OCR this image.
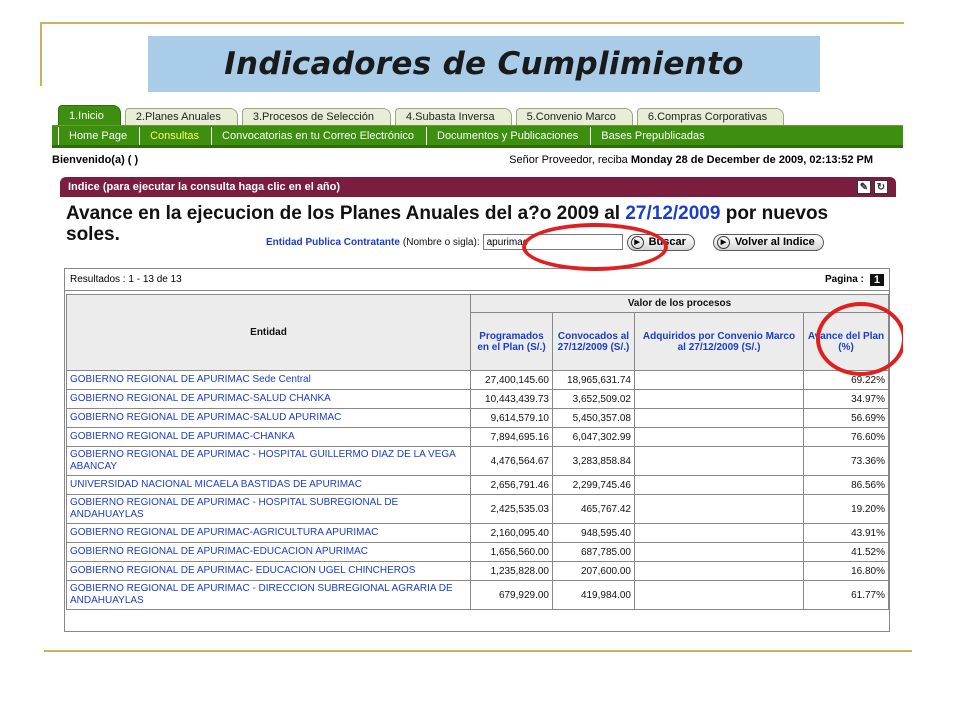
Indicadores de Cumplimiento
1.Inicio	2.Planes Anuales	3.Procesos de Selección	4.Subasta Inversa	5.Convenio Marco	6.Compras Corporativas
Home Page	Consultas	Convocatorias en tu Correo Electrónico	Documentos y Publicaciones	Bases Prepublicadas
Bienvenido(a) ( )	Señor Proveedor, reciba Monday 28 de December de 2009, 02:13:52 PM
Indice (para ejecutar la consulta haga clic en el año)	✎ ↻
Avance en la ejecucion de los Planes Anuales del a?o 2009 al 27/12/2009 por nuevos soles.	Entidad Publica Contratante (Nombre o sigla):
apurimac	▶ Buscar	▶ Volver al Indice
Resultados : 1 - 13 de 13	Pagina : 1
Entidad	Valor de los procesos			
	Programados en el Plan (S/.)	Convocados al 27/12/2009 (S/.)	Adquiridos por Convenio Marco al 27/12/2009 (S/.)	Avance del Plan (%)
GOBIERNO REGIONAL DE APURIMAC Sede Central	27,400,145.60	18,965,631.74		69.22%
GOBIERNO REGIONAL DE APURIMAC-SALUD CHANKA	10,443,439.73	3,652,509.02		34.97%
GOBIERNO REGIONAL DE APURIMAC-SALUD APURIMAC	9,614,579.10	5,450,357.08		56.69%
GOBIERNO REGIONAL DE APURIMAC-CHANKA	7,894,695.16	6,047,302.99		76.60%
GOBIERNO REGIONAL DE APURIMAC - HOSPITAL GUILLERMO DIAZ DE LA VEGA ABANCAY	4,476,564.67	3,283,858.84		73.36%
UNIVERSIDAD NACIONAL MICAELA BASTIDAS DE APURIMAC	2,656,791.46	2,299,745.46		86.56%
GOBIERNO REGIONAL DE APURIMAC - HOSPITAL SUBREGIONAL DE ANDAHUAYLAS	2,425,535.03	465,767.42		19.20%
GOBIERNO REGIONAL DE APURIMAC-AGRICULTURA APURIMAC	2,160,095.40	948,595.40		43.91%
GOBIERNO REGIONAL DE APURIMAC-EDUCACION APURIMAC	1,656,560.00	687,785.00		41.52%
GOBIERNO REGIONAL DE APURIMAC- EDUCACION UGEL CHINCHEROS	1,235,828.00	207,600.00		16.80%
GOBIERNO REGIONAL DE APURIMAC - DIRECCION SUBREGIONAL AGRARIA DE ANDAHUAYLAS	679,929.00	419,984.00		61.77%
